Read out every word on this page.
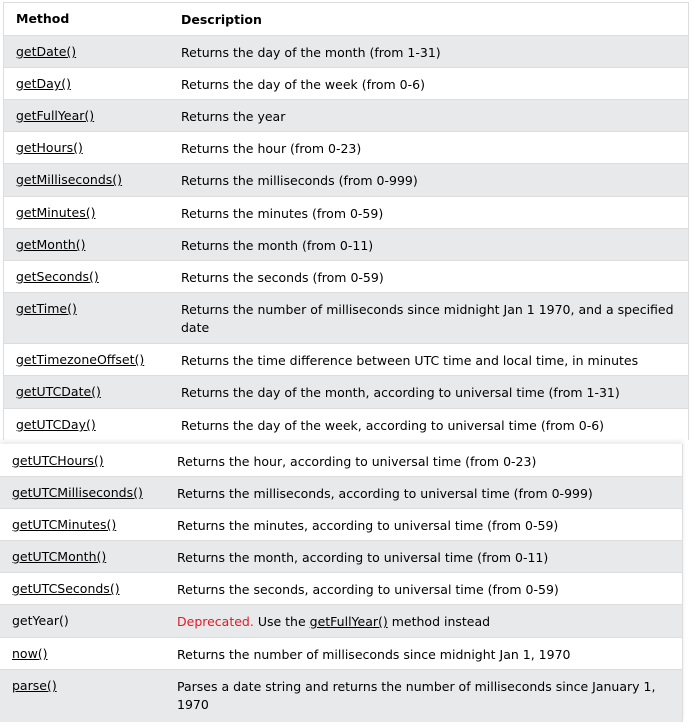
Method	Description
getDate()	Returns the day of the month (from 1-31)
getDay()	Returns the day of the week (from 0-6)
getFullYear()	Returns the year
getHours()	Returns the hour (from 0-23)
getMilliseconds()	Returns the milliseconds (from 0-999)
getMinutes()	Returns the minutes (from 0-59)
getMonth()	Returns the month (from 0-11)
getSeconds()	Returns the seconds (from 0-59)
getTime()	Returns the number of milliseconds since midnight Jan 1 1970, and a specified date
getTimezoneOffset()	Returns the time difference between UTC time and local time, in minutes
getUTCDate()	Returns the day of the month, according to universal time (from 1-31)
getUTCDay()	Returns the day of the week, according to universal time (from 0-6)
getUTCHours()	Returns the hour, according to universal time (from 0-23)
getUTCMilliseconds()	Returns the milliseconds, according to universal time (from 0-999)
getUTCMinutes()	Returns the minutes, according to universal time (from 0-59)
getUTCMonth()	Returns the month, according to universal time (from 0-11)
getUTCSeconds()	Returns the seconds, according to universal time (from 0-59)
getYear()	Deprecated. Use the getFullYear() method instead
now()	Returns the number of milliseconds since midnight Jan 1, 1970
parse()	Parses a date string and returns the number of milliseconds since January 1, 1970
